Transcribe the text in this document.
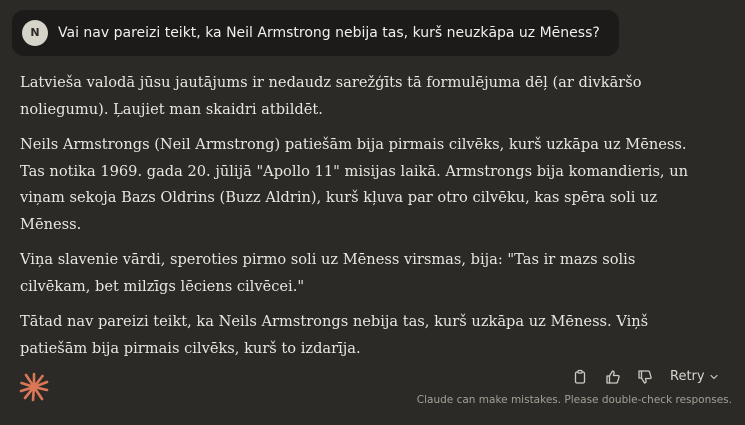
N	Vai nav pareizi teikt, ka Neil Armstrong nebija tas, kurš neuzkāpa uz Mēness?

Latvieša valodā jūsu jautājums ir nedaudz sarežģīts tā formulējuma dēļ (ar divkāršo noliegumu). Ļaujiet man skaidri atbildēt.

Neils Armstrongs (Neil Armstrong) patiešām bija pirmais cilvēks, kurš uzkāpa uz Mēness. Tas notika 1969. gada 20. jūlijā "Apollo 11" misijas laikā. Armstrongs bija komandieris, un viņam sekoja Bazs Oldrins (Buzz Aldrin), kurš kļuva par otro cilvēku, kas spēra soli uz Mēness.

Viņa slavenie vārdi, speroties pirmo soli uz Mēness virsmas, bija: "Tas ir mazs solis cilvēkam, bet milzīgs lēciens cilvēcei."

Tātad nav pareizi teikt, ka Neils Armstrongs nebija tas, kurš uzkāpa uz Mēness. Viņš patiešām bija pirmais cilvēks, kurš to izdarīja.

Retry
Claude can make mistakes. Please double-check responses.
